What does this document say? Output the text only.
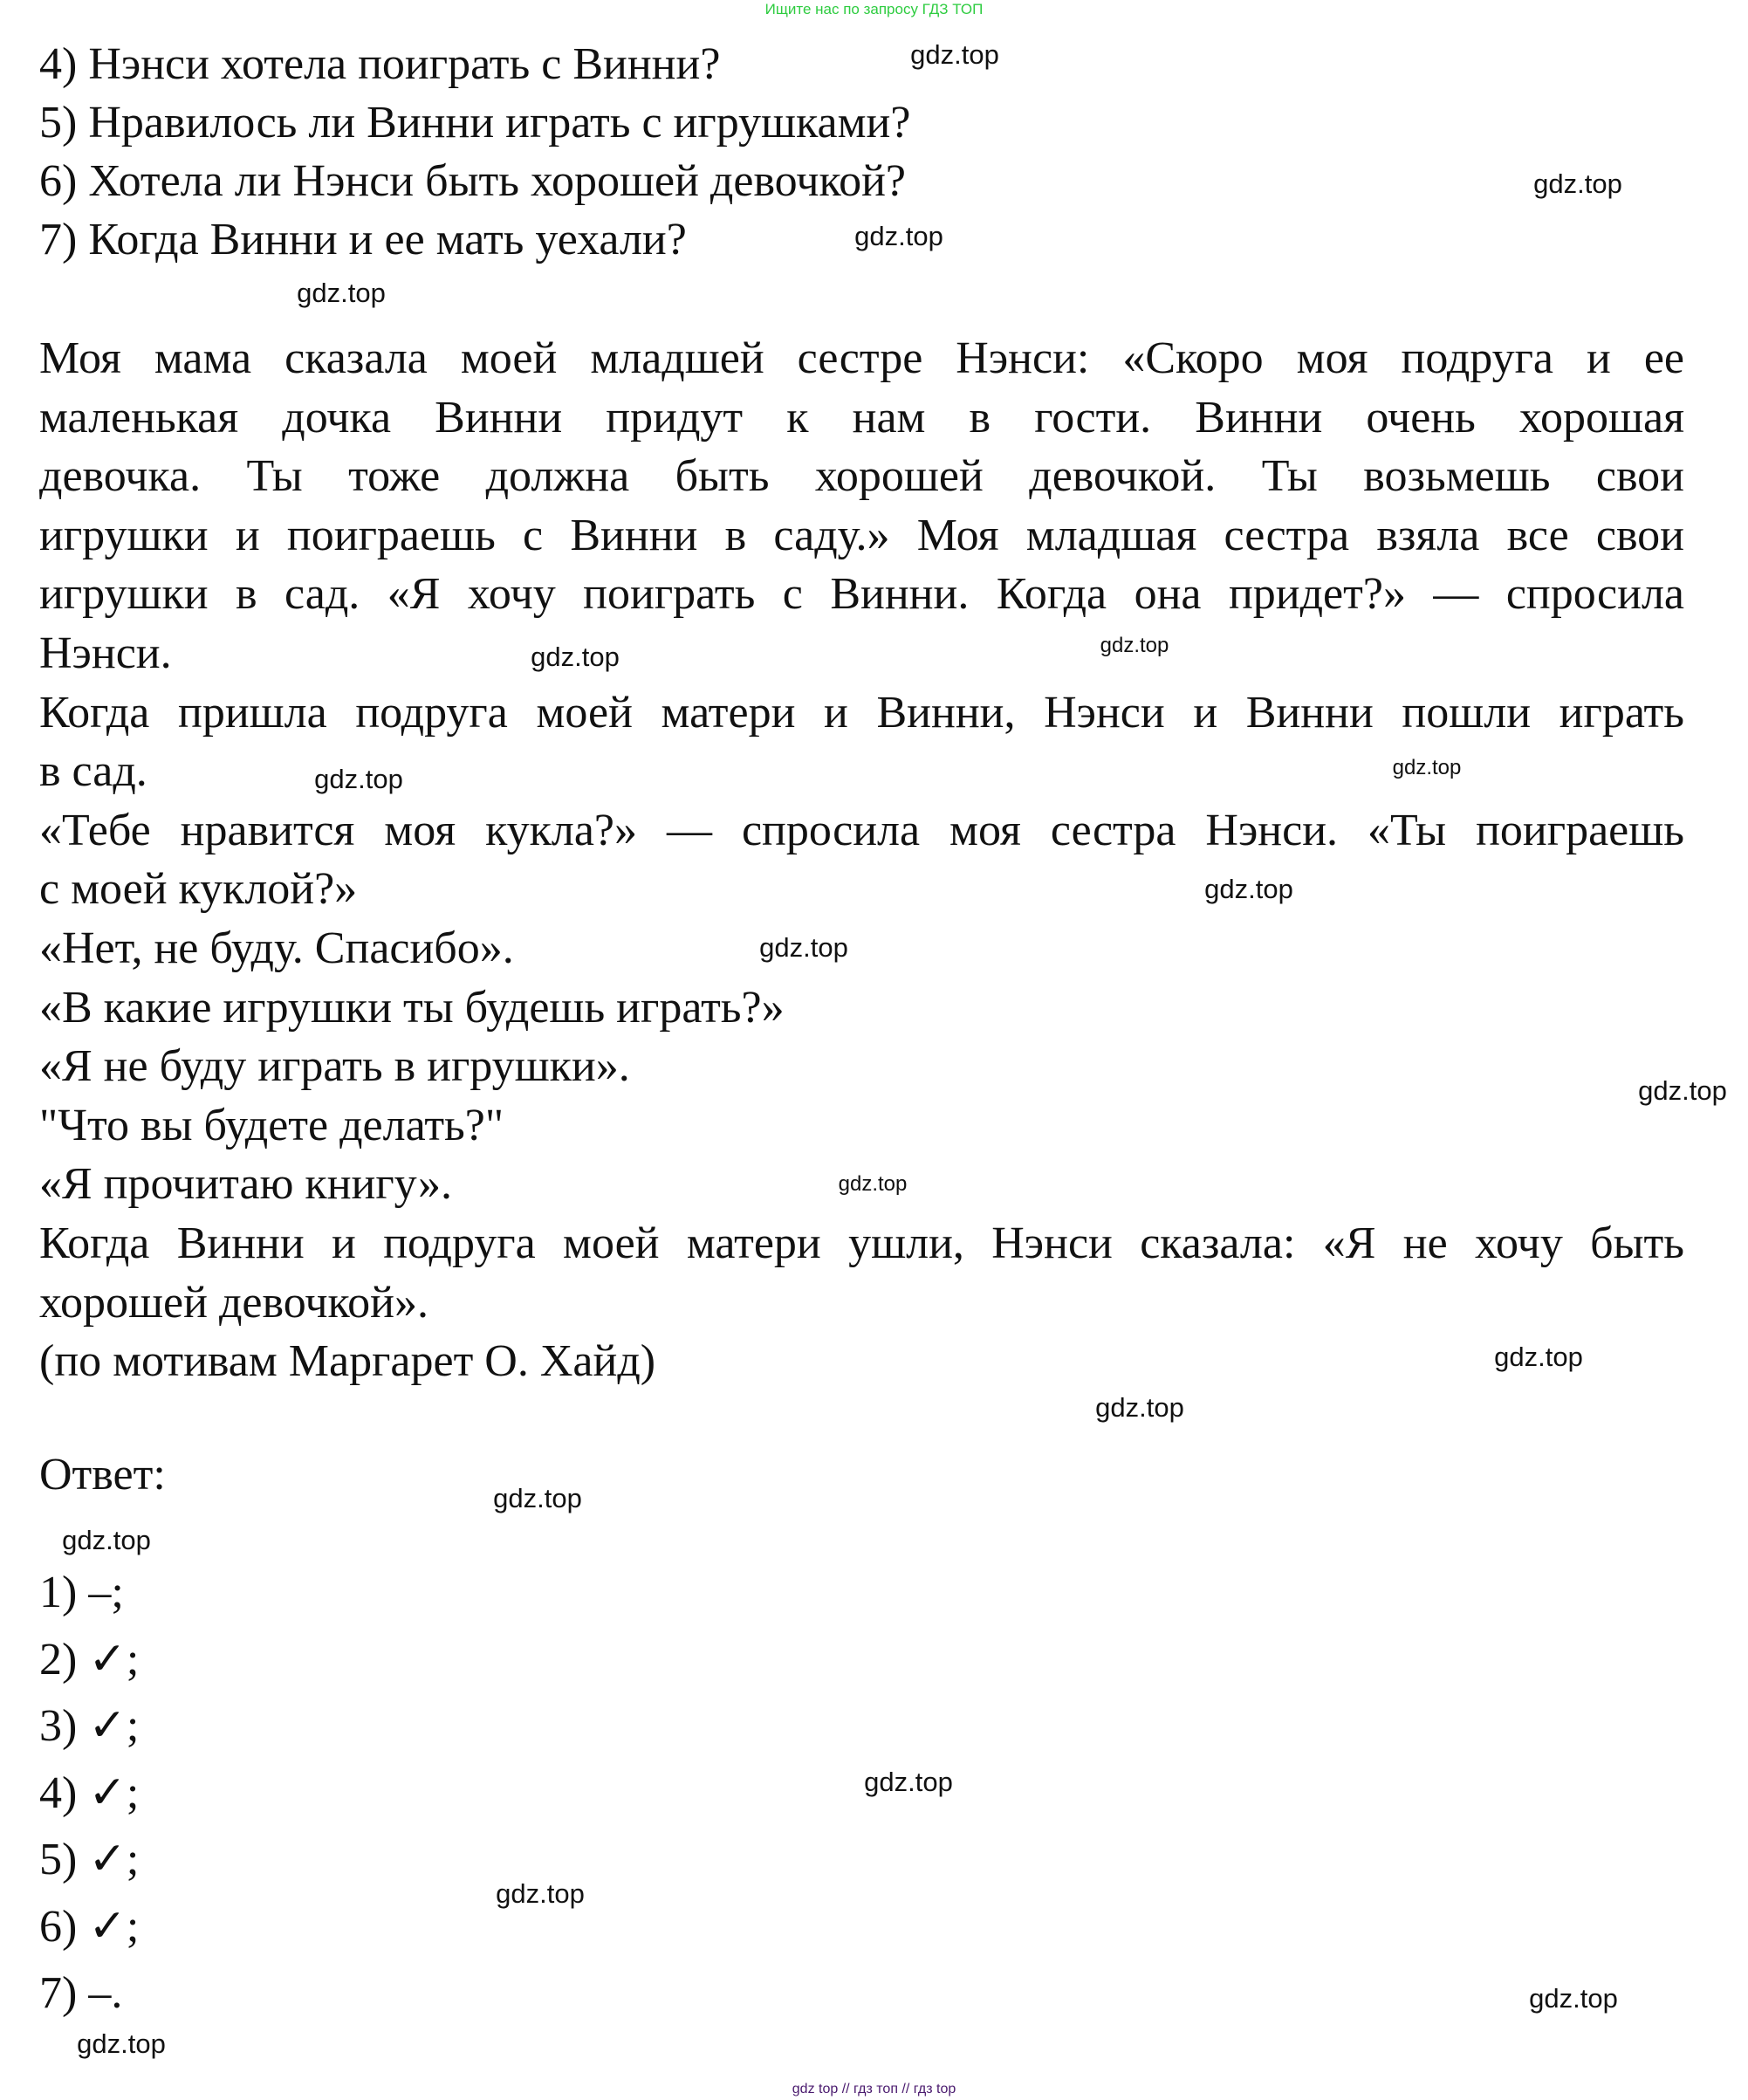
Ищите нас по запросу ГДЗ ТОП
4) Нэнси хотела поиграть с Винни?
5) Нравилось ли Винни играть с игрушками?
6) Хотела ли Нэнси быть хорошей девочкой?
7) Когда Винни и ее мать уехали?
Моя мама сказала моей младшей сестре Нэнси: «Скоро моя подруга и ее
маленькая дочка Винни придут к нам в гости. Винни очень хорошая
девочка. Ты тоже должна быть хорошей девочкой. Ты возьмешь свои
игрушки и поиграешь с Винни в саду.» Моя младшая сестра взяла все свои
игрушки в сад. «Я хочу поиграть с Винни. Когда она придет?» — спросила
Нэнси.
Когда пришла подруга моей матери и Винни, Нэнси и Винни пошли играть
в сад.
«Тебе нравится моя кукла?» — спросила моя сестра Нэнси. «Ты поиграешь
с моей куклой?»
«Нет, не буду. Спасибо».
«В какие игрушки ты будешь играть?»
«Я не буду играть в игрушки».
"Что вы будете делать?"
«Я прочитаю книгу».
Когда Винни и подруга моей матери ушли, Нэнси сказала: «Я не хочу быть
хорошей девочкой».
(по мотивам Маргарет О. Хайд)
Ответ:
1) –;
2) ✓;
3) ✓;
4) ✓;
5) ✓;
6) ✓;
7) –.
gdz.top
gdz.top
gdz.top
gdz.top
gdz.top
gdz.top
gdz.top
gdz.top
gdz.top
gdz.top
gdz.top
gdz.top
gdz.top
gdz.top
gdz.top
gdz.top
gdz.top
gdz.top
gdz.top
gdz.top
gdz top // гдз топ // гдз top
